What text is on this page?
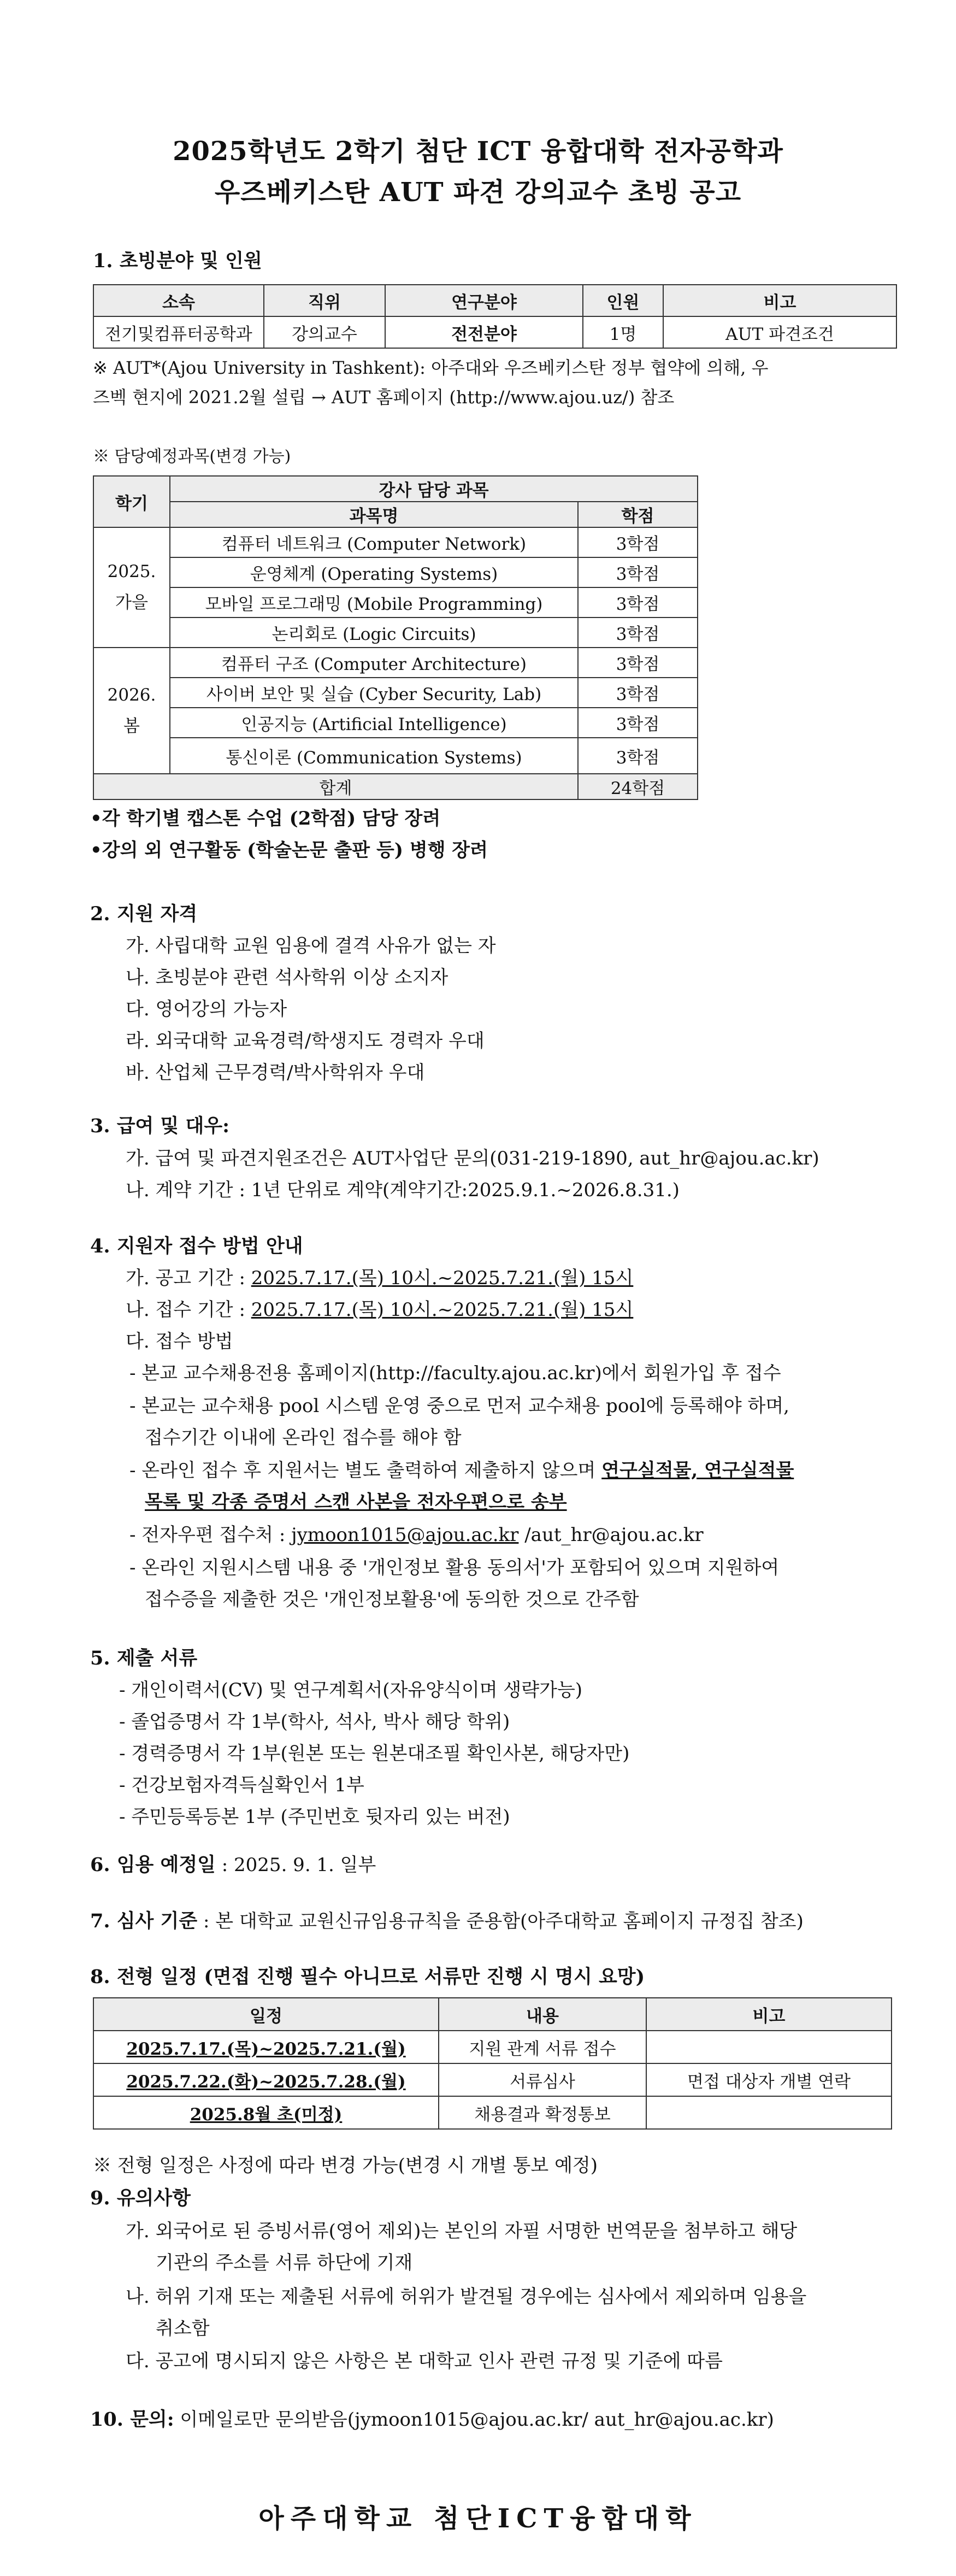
2025학년도 2학기 첨단 ICT 융합대학 전자공학과
우즈베키스탄 AUT 파견 강의교수 초빙 공고
1. 초빙분야 및 인원
소속	직위	연구분야	인원	비고
전기및컴퓨터공학과	강의교수	전전분야	1명	AUT 파견조건
※ AUT*(Ajou University in Tashkent): 아주대와 우즈베키스탄 정부 협약에 의해, 우
즈벡 현지에 2021.2월 설립 → AUT 홈페이지 (http://www.ajou.uz/) 참조
※ 담당예정과목(변경 가능)
학기	강사 담당 과목	
	과목명	학점
2025. 가을	컴퓨터 네트워크 (Computer Network)	3학점
	운영체계 (Operating Systems)	3학점
	모바일 프로그래밍 (Mobile Programming)	3학점
	논리회로 (Logic Circuits)	3학점
2026. 봄	컴퓨터 구조 (Computer Architecture)	3학점
	사이버 보안 및 실습 (Cyber Security, Lab)	3학점
	인공지능 (Artificial Intelligence)	3학점
	통신이론 (Communication Systems)	3학점
합계		24학점
•각 학기별 캡스톤 수업 (2학점) 담당 장려
•강의 외 연구활동 (학술논문 출판 등) 병행 장려
2. 지원 자격
가. 사립대학 교원 임용에 결격 사유가 없는 자
나. 초빙분야 관련 석사학위 이상 소지자
다. 영어강의 가능자
라. 외국대학 교육경력/학생지도 경력자 우대
바. 산업체 근무경력/박사학위자 우대
3. 급여 및 대우:
가. 급여 및 파견지원조건은 AUT사업단 문의(031-219-1890, aut_hr@ajou.ac.kr)
나. 계약 기간 : 1년 단위로 계약(계약기간:2025.9.1.~2026.8.31.)
4. 지원자 접수 방법 안내
가. 공고 기간 : 2025.7.17.(목) 10시.~2025.7.21.(월) 15시
나. 접수 기간 : 2025.7.17.(목) 10시.~2025.7.21.(월) 15시
다. 접수 방법
- 본교 교수채용전용 홈페이지(http://faculty.ajou.ac.kr)에서 회원가입 후 접수
- 본교는 교수채용 pool 시스템 운영 중으로 먼저 교수채용 pool에 등록해야 하며,
접수기간 이내에 온라인 접수를 해야 함
- 온라인 접수 후 지원서는 별도 출력하여 제출하지 않으며 연구실적물, 연구실적물
목록 및 각종 증명서 스캔 사본을 전자우편으로 송부
- 전자우편 접수처 : jymoon1015@ajou.ac.kr /aut_hr@ajou.ac.kr
- 온라인 지원시스템 내용 중 '개인정보 활용 동의서'가 포함되어 있으며 지원하여
접수증을 제출한 것은 '개인정보활용'에 동의한 것으로 간주함
5. 제출 서류
- 개인이력서(CV) 및 연구계획서(자유양식이며 생략가능)
- 졸업증명서 각 1부(학사, 석사, 박사 해당 학위)
- 경력증명서 각 1부(원본 또는 원본대조필 확인사본, 해당자만)
- 건강보험자격득실확인서 1부
- 주민등록등본 1부 (주민번호 뒷자리 있는 버전)
6. 임용 예정일 : 2025. 9. 1. 일부
7. 심사 기준 : 본 대학교 교원신규임용규칙을 준용함(아주대학교 홈페이지 규정집 참조)
8. 전형 일정 (면접 진행 필수 아니므로 서류만 진행 시 명시 요망)
일정	내용	비고
2025.7.17.(목)~2025.7.21.(월)	지원 관계 서류 접수	
2025.7.22.(화)~2025.7.28.(월)	서류심사	면접 대상자 개별 연락
2025.8월 초(미정)	채용결과 확정통보	
※ 전형 일정은 사정에 따라 변경 가능(변경 시 개별 통보 예정)
9. 유의사항
가. 외국어로 된 증빙서류(영어 제외)는 본인의 자필 서명한 번역문을 첨부하고 해당
기관의 주소를 서류 하단에 기재
나. 허위 기재 또는 제출된 서류에 허위가 발견될 경우에는 심사에서 제외하며 임용을
취소함
다. 공고에 명시되지 않은 사항은 본 대학교 인사 관련 규정 및 기준에 따름
10. 문의: 이메일로만 문의받음(jymoon1015@ajou.ac.kr/ aut_hr@ajou.ac.kr)
아주대학교 첨단ICT융합대학
